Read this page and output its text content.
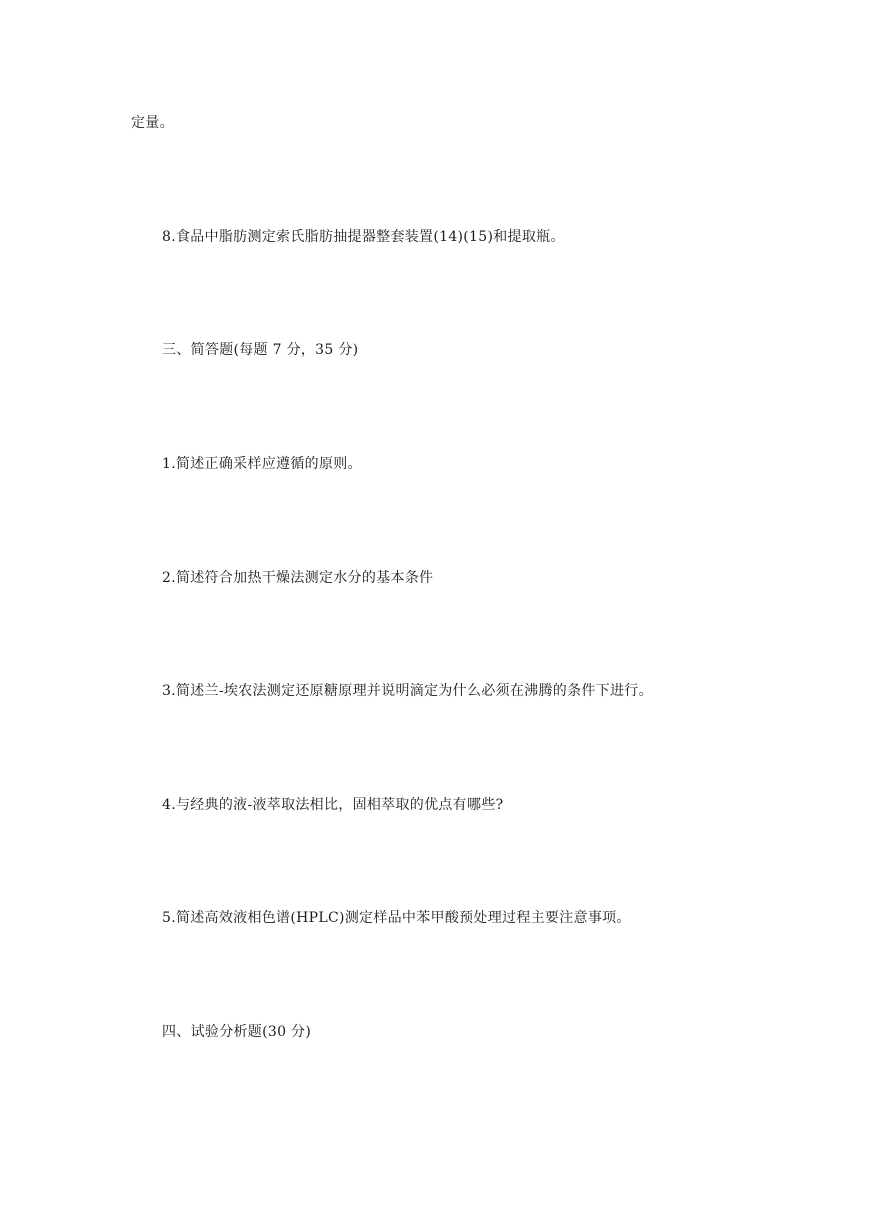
定量。
8.食品中脂肪测定索氏脂肪抽提器整套装置(14)(15)和提取瓶。
三、简答题(每题 7 分，35 分)
1.简述正确采样应遵循的原则。
2.简述符合加热干燥法测定水分的基本条件
3.简述兰-埃农法测定还原糖原理并说明滴定为什么必须在沸腾的条件下进行。
4.与经典的液-液萃取法相比，固相萃取的优点有哪些?
5.简述高效液相色谱(HPLC)测定样品中苯甲酸预处理过程主要注意事项。
四、试验分析题(30 分)
